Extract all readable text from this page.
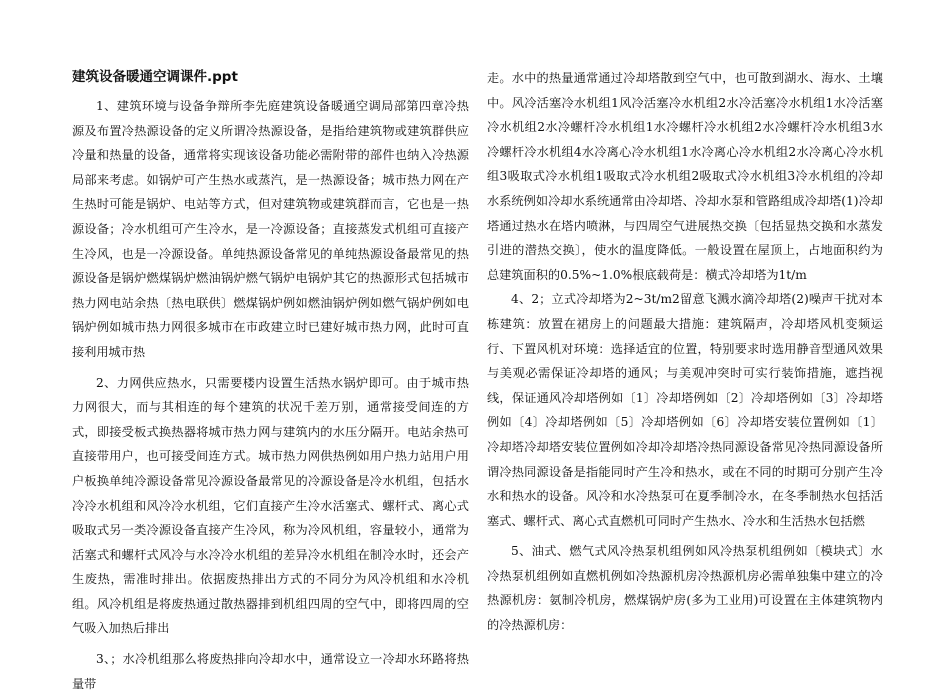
建筑设备暖通空调课件.ppt

1、建筑环境与设备争辩所李先庭建筑设备暖通空调局部第四章冷热源及布置冷热源设备的定义所谓冷热源设备，是指给建筑物或建筑群供应冷量和热量的设备，通常将实现该设备功能必需附带的部件也纳入冷热源局部来考虑。如锅炉可产生热水或蒸汽，是一热源设备；城市热力网在产生热时可能是锅炉、电站等方式，但对建筑物或建筑群而言，它也是一热源设备；冷水机组可产生冷水，是一冷源设备；直接蒸发式机组可直接产生冷风，也是一冷源设备。单纯热源设备常见的单纯热源设备最常见的热源设备是锅炉燃煤锅炉燃油锅炉燃气锅炉电锅炉其它的热源形式包括城市热力网电站余热〔热电联供〕燃煤锅炉例如燃油锅炉例如燃气锅炉例如电锅炉例如城市热力网很多城市在市政建立时已建好城市热力网，此时可直接利用城市热

2、力网供应热水，只需要楼内设置生活热水锅炉即可。由于城市热力网很大，而与其相连的每个建筑的状况千差万别，通常接受间连的方式，即接受板式换热器将城市热力网与建筑内的水压分隔开。电站余热可直接带用户，也可接受间连方式。城市热力网供热例如用户热力站用户用户板换单纯冷源设备常见冷源设备最常见的冷源设备是冷水机组，包括水冷冷水机组和风冷冷水机组，它们直接产生冷水活塞式、螺杆式、离心式吸取式另一类冷源设备直接产生冷风，称为冷风机组，容量较小，通常为活塞式和螺杆式风冷与水冷冷水机组的差异冷水机组在制冷水时，还会产生废热，需准时排出。依据废热排出方式的不同分为风冷机组和水冷机组。风冷机组是将废热通过散热器排到机组四周的空气中，即将四周的空气吸入加热后排出

3、；水冷机组那么将废热排向冷却水中，通常设立一冷却水环路将热量带

走。水中的热量通常通过冷却塔散到空气中，也可散到湖水、海水、土壤中。风冷活塞冷水机组1风冷活塞冷水机组2水冷活塞冷水机组1水冷活塞冷水机组2水冷螺杆冷水机组1水冷螺杆冷水机组2水冷螺杆冷水机组3水冷螺杆冷水机组4水冷离心冷水机组1水冷离心冷水机组2水冷离心冷水机组3吸取式冷水机组1吸取式冷水机组2吸取式冷水机组3冷水机组的冷却水系统例如冷却水系统通常由冷却塔、冷却水泵和管路组成冷却塔(1)冷却塔通过热水在塔内喷淋，与四周空气进展热交换〔包括显热交换和水蒸发引进的潜热交换〕，使水的温度降低。一般设置在屋顶上，占地面积约为总建筑面积的0.5%~1.0%根底载荷是：横式冷却塔为1t/m

4、2；立式冷却塔为2~3t/m2留意飞溅水滴冷却塔(2)噪声干扰对本栋建筑：放置在裙房上的问题最大措施：建筑隔声，冷却塔风机变频运行、下置风机对环境：选择适宜的位置，特别要求时选用静音型通风效果与美观必需保证冷却塔的通风；与美观冲突时可实行装饰措施，遮挡视线，保证通风冷却塔例如〔1〕冷却塔例如〔2〕冷却塔例如〔3〕冷却塔例如〔4〕冷却塔例如〔5〕冷却塔例如〔6〕冷却塔安装位置例如〔1〕冷却塔冷却塔安装位置例如冷却冷却塔冷热同源设备常见冷热同源设备所谓冷热同源设备是指能同时产生冷和热水，或在不同的时期可分别产生冷水和热水的设备。风冷和水冷热泵可在夏季制冷水，在冬季制热水包括活塞式、螺杆式、离心式直燃机可同时产生热水、冷水和生活热水包括燃

5、油式、燃气式风冷热泵机组例如风冷热泵机组例如〔模块式〕水冷热泵机组例如直燃机例如冷热源机房冷热源机房必需单独集中建立的冷热源机房：氨制冷机房，燃煤锅炉房(多为工业用)可设置在主体建筑物内的冷热源机房：
